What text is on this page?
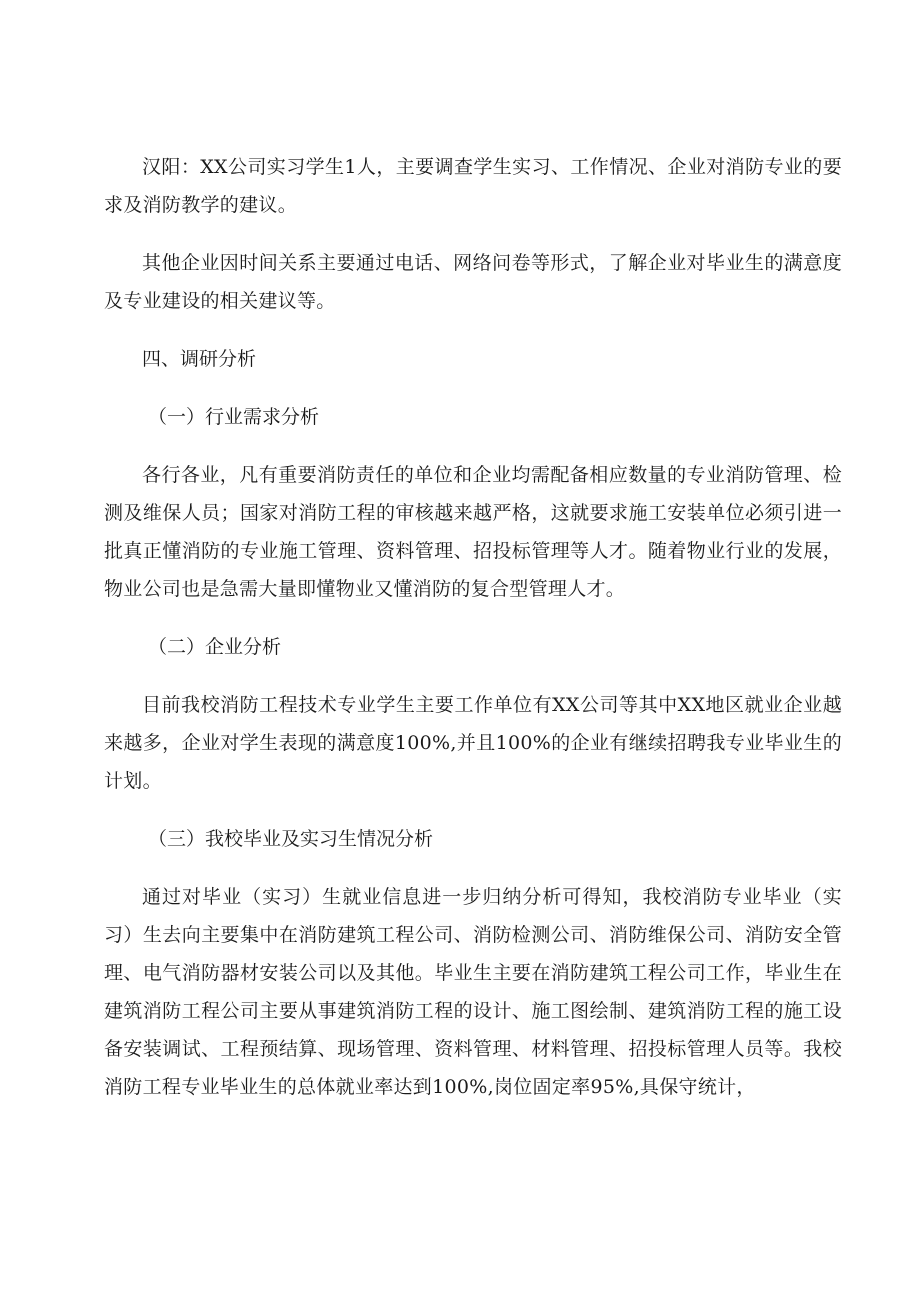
汉阳：XX公司实习学生1人，主要调查学生实习、工作情况、企业对消防专业的要求及消防教学的建议。

其他企业因时间关系主要通过电话、网络问卷等形式，了解企业对毕业生的满意度及专业建设的相关建议等。

四、调研分析

（一）行业需求分析

各行各业，凡有重要消防责任的单位和企业均需配备相应数量的专业消防管理、检测及维保人员；国家对消防工程的审核越来越严格，这就要求施工安装单位必须引进一批真正懂消防的专业施工管理、资料管理、招投标管理等人才。随着物业行业的发展，物业公司也是急需大量即懂物业又懂消防的复合型管理人才。

（二）企业分析

目前我校消防工程技术专业学生主要工作单位有XX公司等其中XX地区就业企业越来越多，企业对学生表现的满意度100%,并且100%的企业有继续招聘我专业毕业生的计划。

（三）我校毕业及实习生情况分析

通过对毕业（实习）生就业信息进一步归纳分析可得知，我校消防专业毕业（实习）生去向主要集中在消防建筑工程公司、消防检测公司、消防维保公司、消防安全管理、电气消防器材安装公司以及其他。毕业生主要在消防建筑工程公司工作，毕业生在建筑消防工程公司主要从事建筑消防工程的设计、施工图绘制、建筑消防工程的施工设备安装调试、工程预结算、现场管理、资料管理、材料管理、招投标管理人员等。我校消防工程专业毕业生的总体就业率达到100%,岗位固定率95%,具保守统计，
